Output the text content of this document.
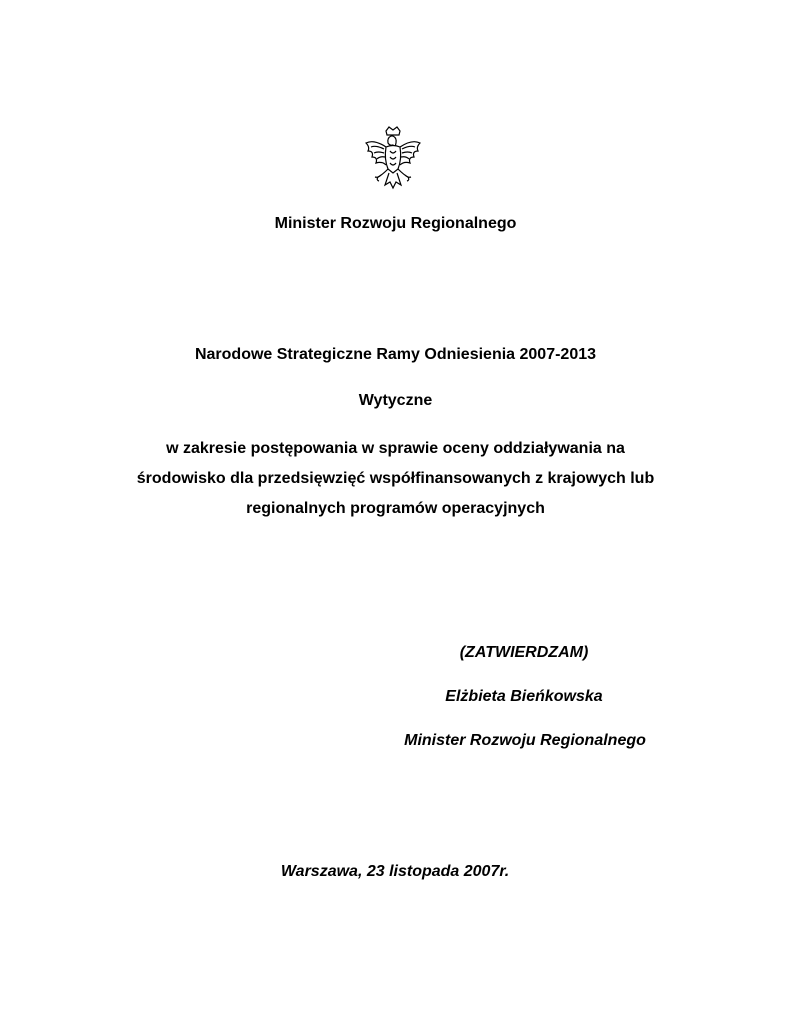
Minister Rozwoju Regionalnego
Narodowe Strategiczne Ramy Odniesienia 2007-2013
Wytyczne
w zakresie postępowania w sprawie oceny oddziaływania na
środowisko dla przedsięwzięć współfinansowanych z krajowych lub
regionalnych programów operacyjnych
(ZATWIERDZAM)
Elżbieta Bieńkowska
Minister Rozwoju Regionalnego
Warszawa, 23 listopada 2007r.
